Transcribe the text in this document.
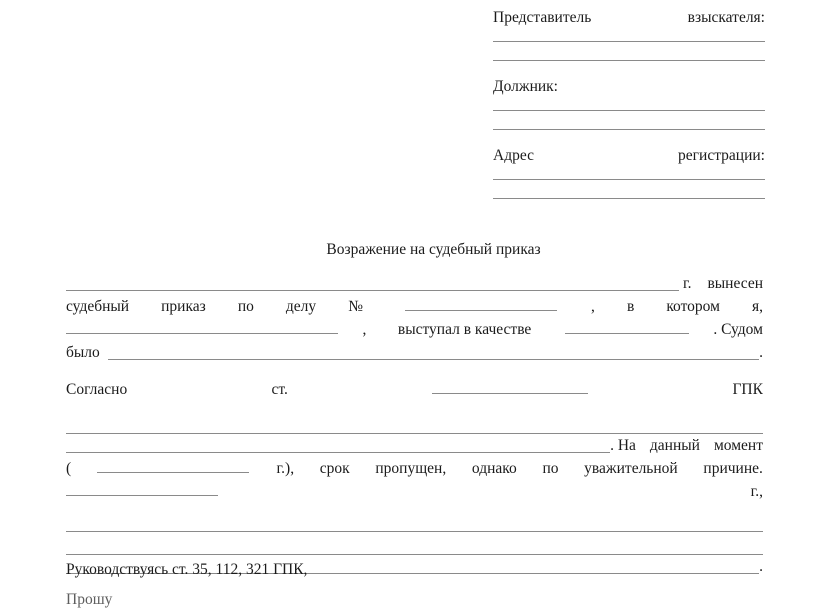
Представитель	взыскателя:
Должник:
Адрес	регистрации:
Возражение на судебный приказ
г. вынесен
судебный приказ по делу №	, в котором я,
, выступал в качестве	. Судом
было	.
Согласно	ст.	ГПК
. На данный момент
(	г.), срок пропущен, однако по уважительной причине.
г.,
.
Руководствуясь ст. 35, 112, 321 ГПК,
Прошу
